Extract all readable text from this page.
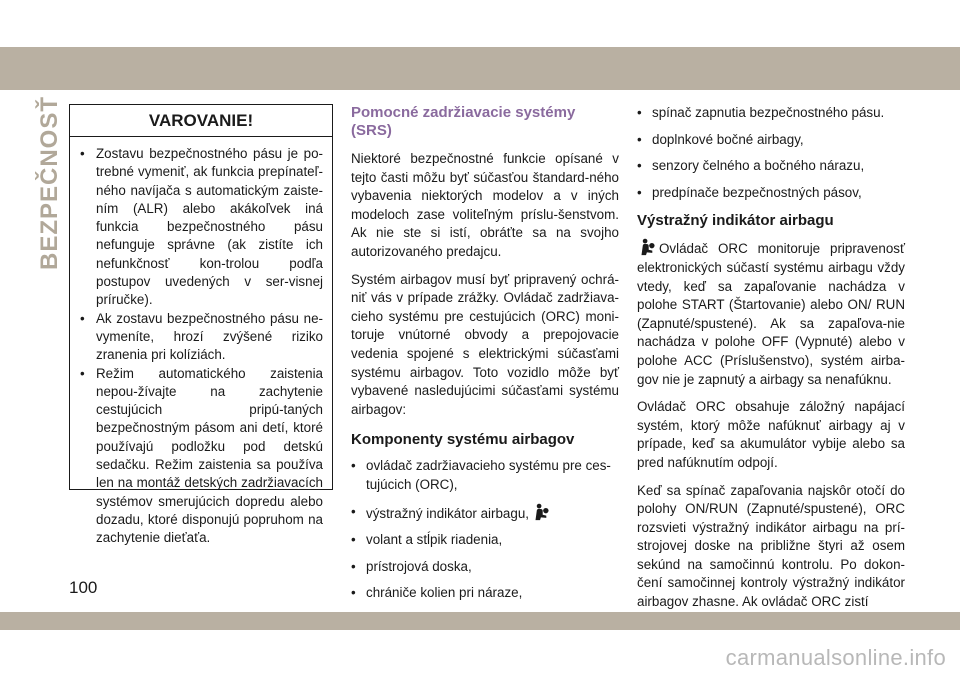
BEZPEČNOSŤ	VAROVANIE!
• Zostavu bezpečnostného pásu je po-trebné vymeniť, ak funkcia prepínateľ-ného navíjača s automatickým zaiste-ním (ALR) alebo akákoľvek iná funkcia bezpečnostného pásu nefunguje správne (ak zistíte ich nefunkčnosť kon-trolou podľa postupov uvedených v ser-visnej príručke).
• Ak zostavu bezpečnostného pásu ne-vymeníte, hrozí zvýšené riziko zranenia pri kolíziách.
• Režim automatického zaistenia nepou-žívajte na zachytenie cestujúcich pripú-taných bezpečnostným pásom ani detí, ktoré používajú podložku pod detskú sedačku. Režim zaistenia sa používa len na montáž detských zadržiavacích systémov smerujúcich dopredu alebo dozadu, ktoré disponujú popruhom na zachytenie dieťaťa.
Pomocné zadržiavacie systémy (SRS)

Niektoré bezpečnostné funkcie opísané v tejto časti môžu byť súčasťou štandard-ného vybavenia niektorých modelov a v iných modeloch zase voliteľným príslu-šenstvom. Ak nie ste si istí, obráťte sa na svojho autorizovaného predajcu.

Systém airbagov musí byť pripravený ochrá-niť vás v prípade zrážky. Ovládač zadržiava-cieho systému pre cestujúcich (ORC) moni-toruje vnútorné obvody a prepojovacie vedenia spojené s elektrickými súčasťami systému airbagov. Toto vozidlo môže byť vybavené nasledujúcimi súčasťami systému airbagov:

Komponenty systému airbagov
• ovládač zadržiavacieho systému pre ces-tujúcich (ORC),
• výstražný indikátor airbagu,
• volant a stĺpik riadenia,
• prístrojová doska,
• chrániče kolien pri náraze,
•
• spínač zapnutia bezpečnostného pásu.
• doplnkové bočné airbagy,
• senzory čelného a bočného nárazu,
• predpínače bezpečnostných pásov,
Výstražný indikátor airbagu

Ovládač ORC monitoruje pripravenosť elektronických súčastí systému airbagu vždy vtedy, keď sa zapaľovanie nachádza v polohe START (Štartovanie) alebo ON/ RUN (Zapnuté/spustené). Ak sa zapaľova-nie nachádza v polohe OFF (Vypnuté) alebo v polohe ACC (Príslušenstvo), systém airba-gov nie je zapnutý a airbagy sa nenafúknu.

Ovládač ORC obsahuje záložný napájací systém, ktorý môže nafúknuť airbagy aj v prípade, keď sa akumulátor vybije alebo sa pred nafúknutím odpojí.

Keď sa spínač zapaľovania najskôr otočí do polohy ON/RUN (Zapnuté/spustené), ORC rozsvieti výstražný indikátor airbagu na prí-strojovej doske na približne štyri až osem sekúnd na samočinnú kontrolu. Po dokon-čení samočinnej kontroly výstražný indikátor airbagov zhasne. Ak ovládač ORC zistí

100
carmanualsonline.info
